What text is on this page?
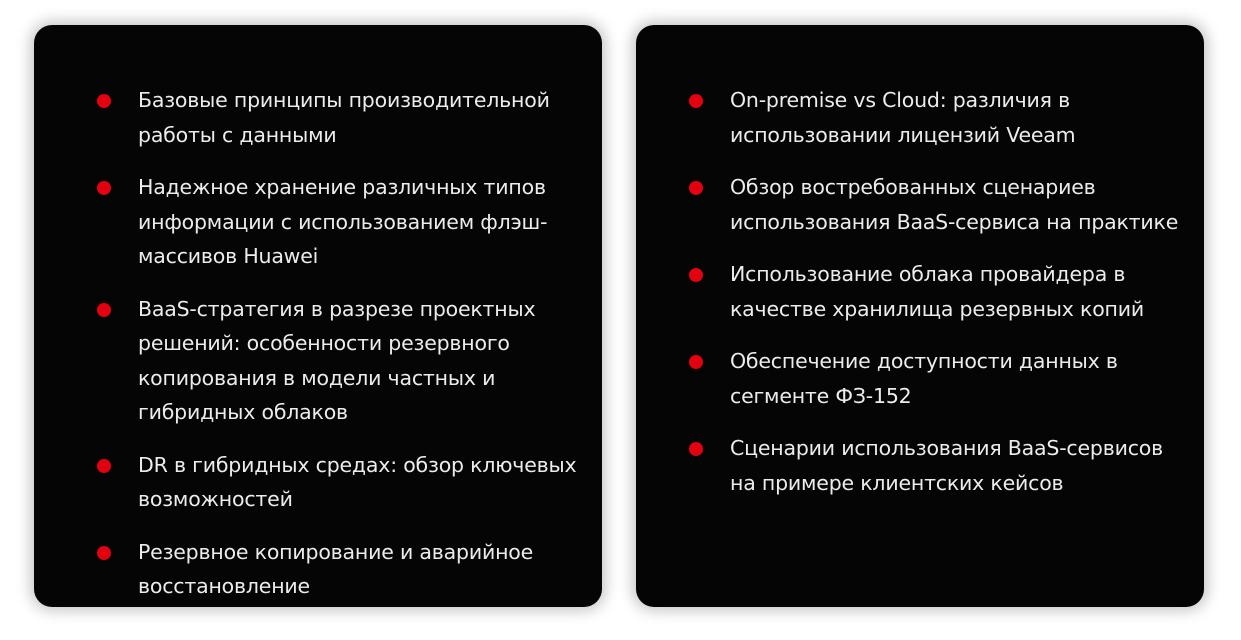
Базовые принципы производительной работы с данными
Надежное хранение различных типов информации с использованием флэш-массивов Huawei
BaaS-стратегия в разрезе проектных решений: особенности резервного копирования в модели частных и гибридных облаков
DR в гибридных средах: обзор ключевых возможностей
Резервное копирование и аварийное восстановление
On-premise vs Cloud: различия в использовании лицензий Veeam
Обзор востребованных сценариев использования BaaS-сервиса на практике
Использование облака провайдера в качестве хранилища резервных копий
Обеспечение доступности данных в сегменте ФЗ-152
Сценарии использования BaaS-сервисов на примере клиентских кейсов
